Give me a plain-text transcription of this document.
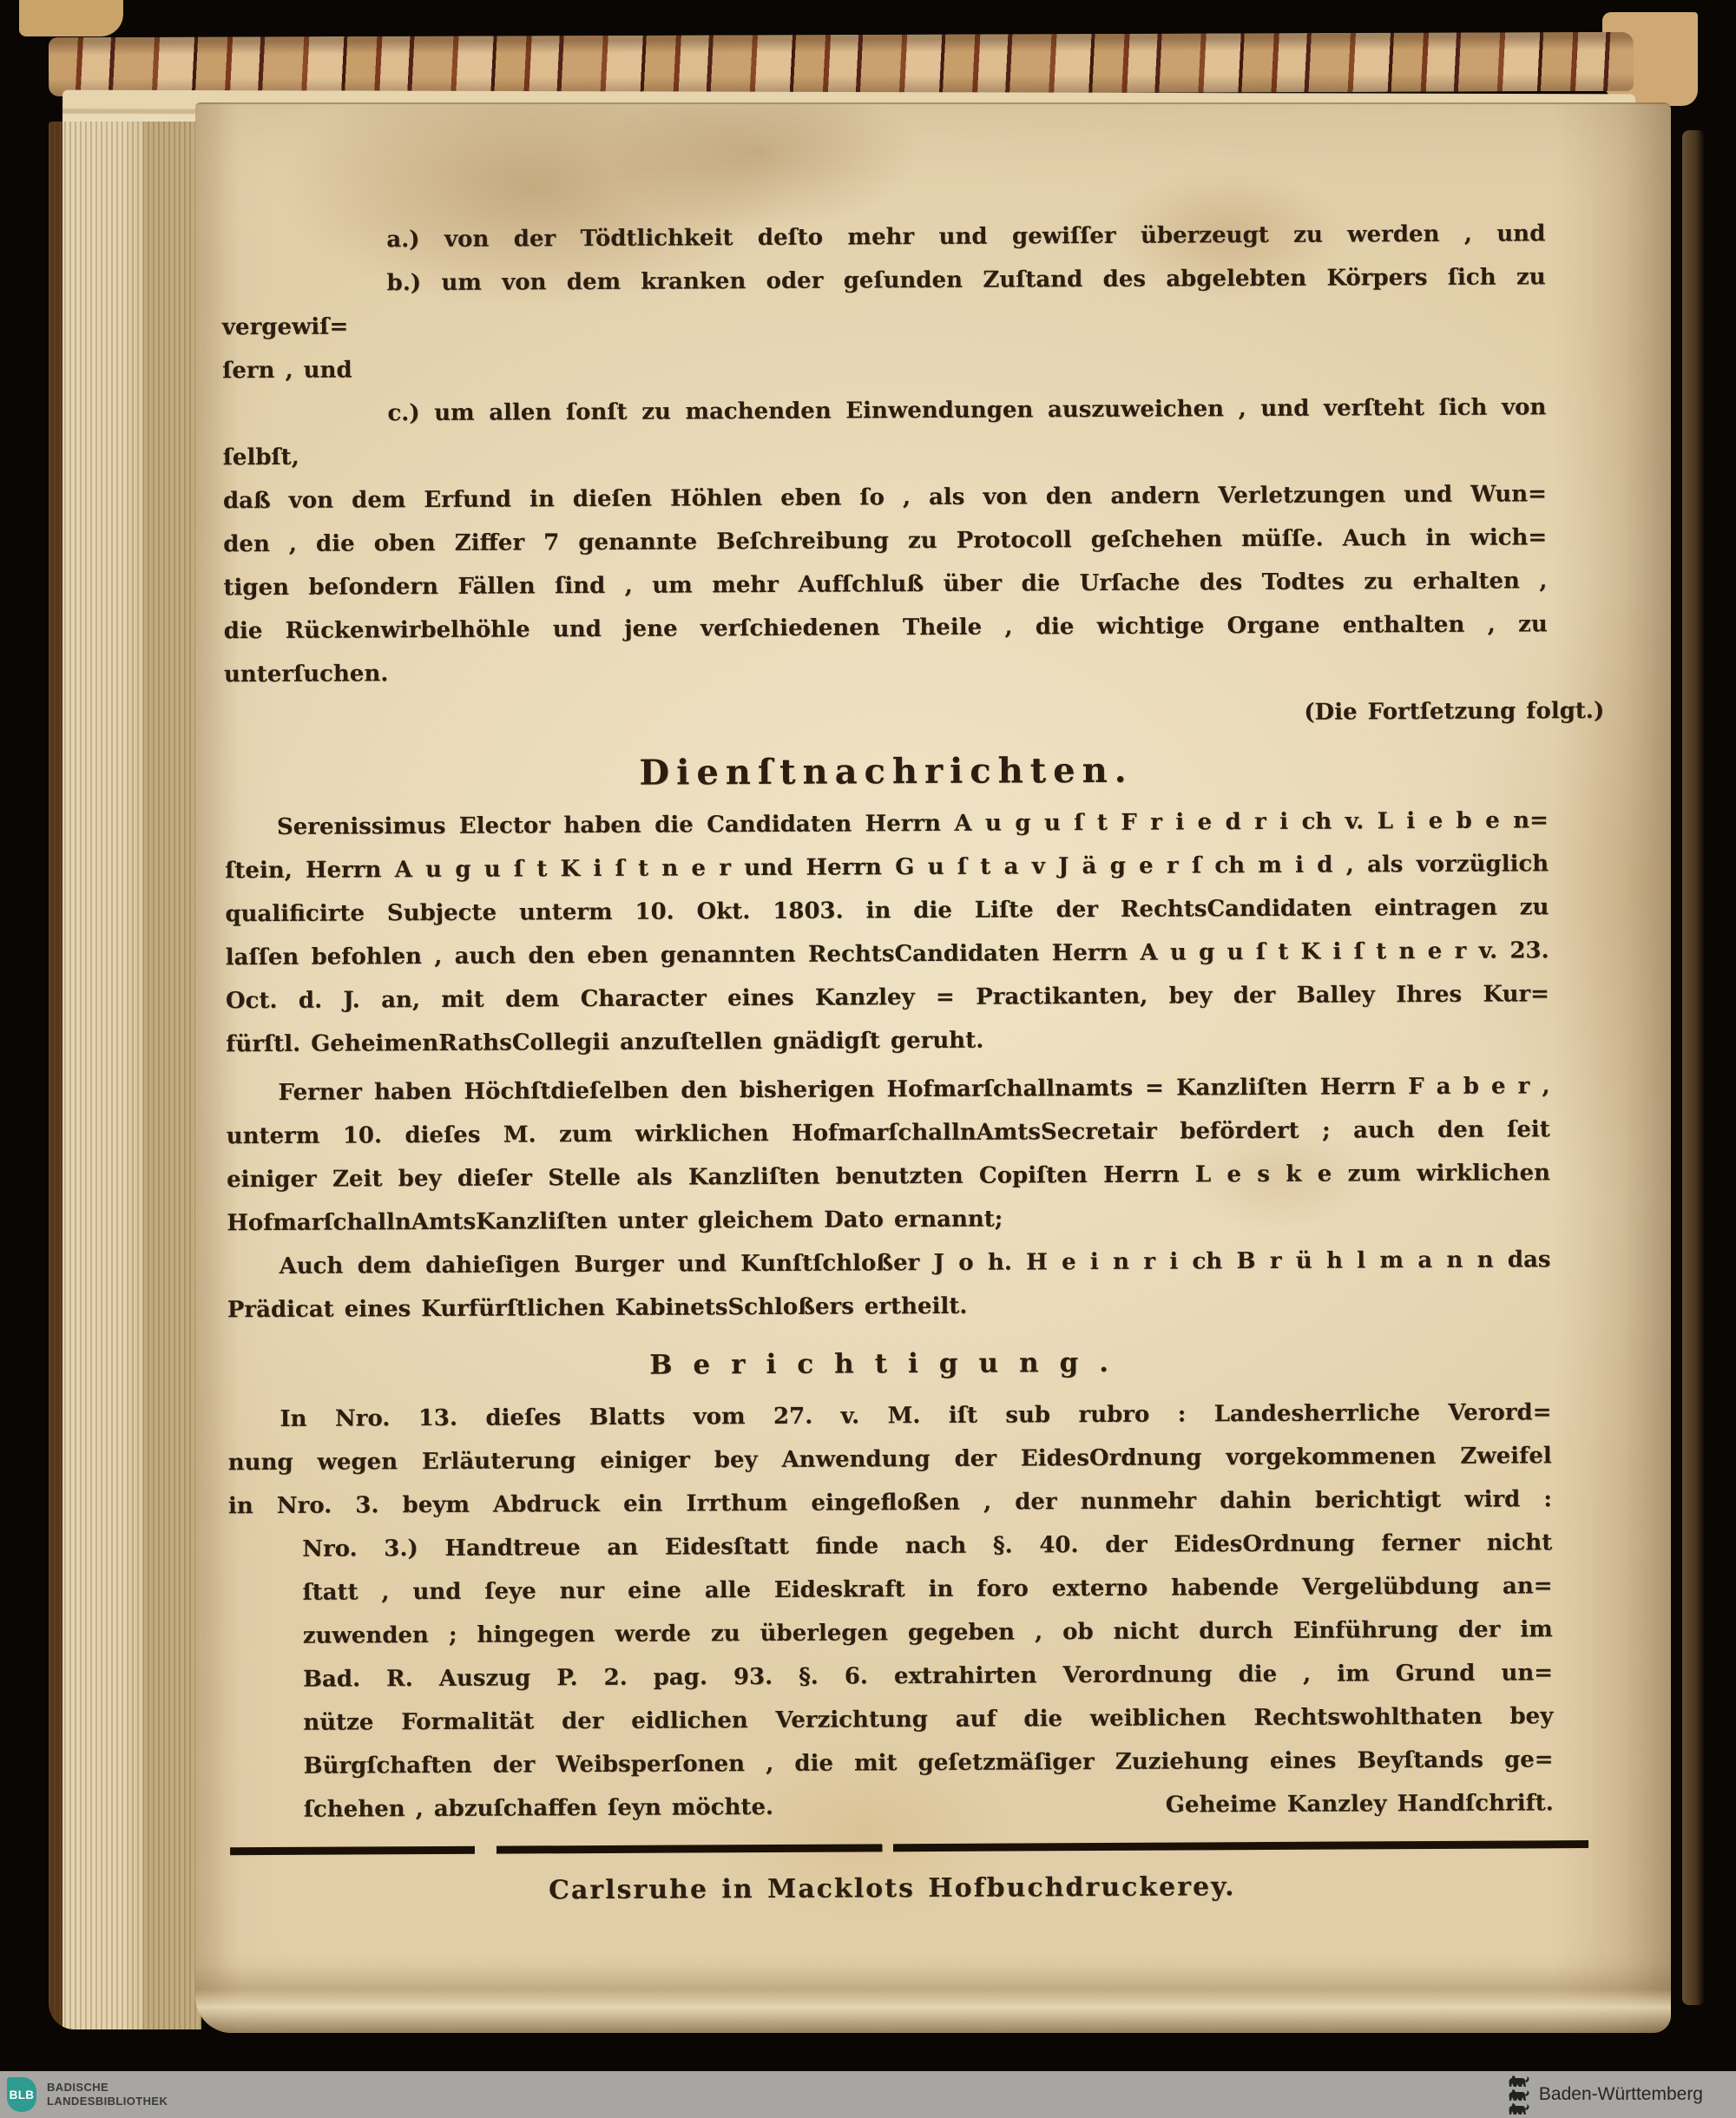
a.) von der Tödtlichkeit deſto mehr und gewiſſer überzeugt zu werden , und
b.) um von dem kranken oder geſunden Zuſtand des abgelebten Körpers ſich zu vergewiſ=
ſern , und
c.) um allen ſonſt zu machenden Einwendungen auszuweichen , und verſteht ſich von ſelbſt,
daß von dem Erfund in dieſen Höhlen eben ſo , als von den andern Verletzungen und Wun=
den , die oben Ziffer 7 genannte Beſchreibung zu Protocoll geſchehen müſſe. Auch in wich=
tigen beſondern Fällen ſind , um mehr Aufſchluß über die Urſache des Todtes zu erhalten ,
die Rückenwirbelhöhle und jene verſchiedenen Theile , die wichtige Organe enthalten , zu
unterſuchen.
(Die Fortſetzung folgt.)
Dienſtnachrichten.
Serenissimus Elector haben die Candidaten Herrn A u g u ſ t F r i e d r i ch v. L i e b e n=
ſtein, Herrn A u g u ſ t K i ſ t n e r und Herrn G u ſ t a v J ä g e r ſ ch m i d , als vorzüglich
qualificirte Subjecte unterm 10. Okt. 1803. in die Liſte der RechtsCandidaten eintragen zu
laſſen befohlen , auch den eben genannten RechtsCandidaten Herrn A u g u ſ t K i ſ t n e r v. 23.
Oct. d. J. an, mit dem Character eines Kanzley = Practikanten, bey der Balley Ihres Kur=
fürſtl. GeheimenRathsCollegii anzuſtellen gnädigſt geruht.
Ferner haben Höchſtdieſelben den bisherigen Hofmarſchallnamts = Kanzliſten Herrn F a b e r ,
unterm 10. dieſes M. zum wirklichen HofmarſchallnAmtsSecretair befördert ; auch den ſeit
einiger Zeit bey dieſer Stelle als Kanzliſten benutzten Copiſten Herrn L e s k e zum wirklichen
HofmarſchallnAmtsKanzliſten unter gleichem Dato ernannt;
Auch dem dahieſigen Burger und Kunſtſchloßer J o h. H e i n r i ch B r ü h l m a n n das
Prädicat eines Kurfürſtlichen KabinetsSchloßers ertheilt.
Berichtigung.
In Nro. 13. dieſes Blatts vom 27. v. M. iſt sub rubro : Landesherrliche Verord=
nung wegen Erläuterung einiger bey Anwendung der EidesOrdnung vorgekommenen Zweifel
in Nro. 3. beym Abdruck ein Irrthum eingefloßen , der nunmehr dahin berichtigt wird :
Nro. 3.) Handtreue an Eidesſtatt finde nach §. 40. der EidesOrdnung ferner nicht
ſtatt , und ſeye nur eine alle Eideskraft in foro externo habende Vergelübdung an=
zuwenden ; hingegen werde zu überlegen gegeben , ob nicht durch Einführung der im
Bad. R. Auszug P. 2. pag. 93. §. 6. extrahirten Verordnung die , im Grund un=
nütze Formalität der eidlichen Verzichtung auf die weiblichen Rechtswohlthaten bey
Bürgſchaften der Weibsperſonen , die mit geſetzmäſiger Zuziehung eines Beyſtands ge=
ſchehen , abzuſchaffen ſeyn möchte.	Geheime Kanzley Handſchrift.
Carlsruhe in Macklots Hofbuchdruckerey.
BLB
BADISCHE
LANDESBIBLIOTHEK	Baden-Württemberg
